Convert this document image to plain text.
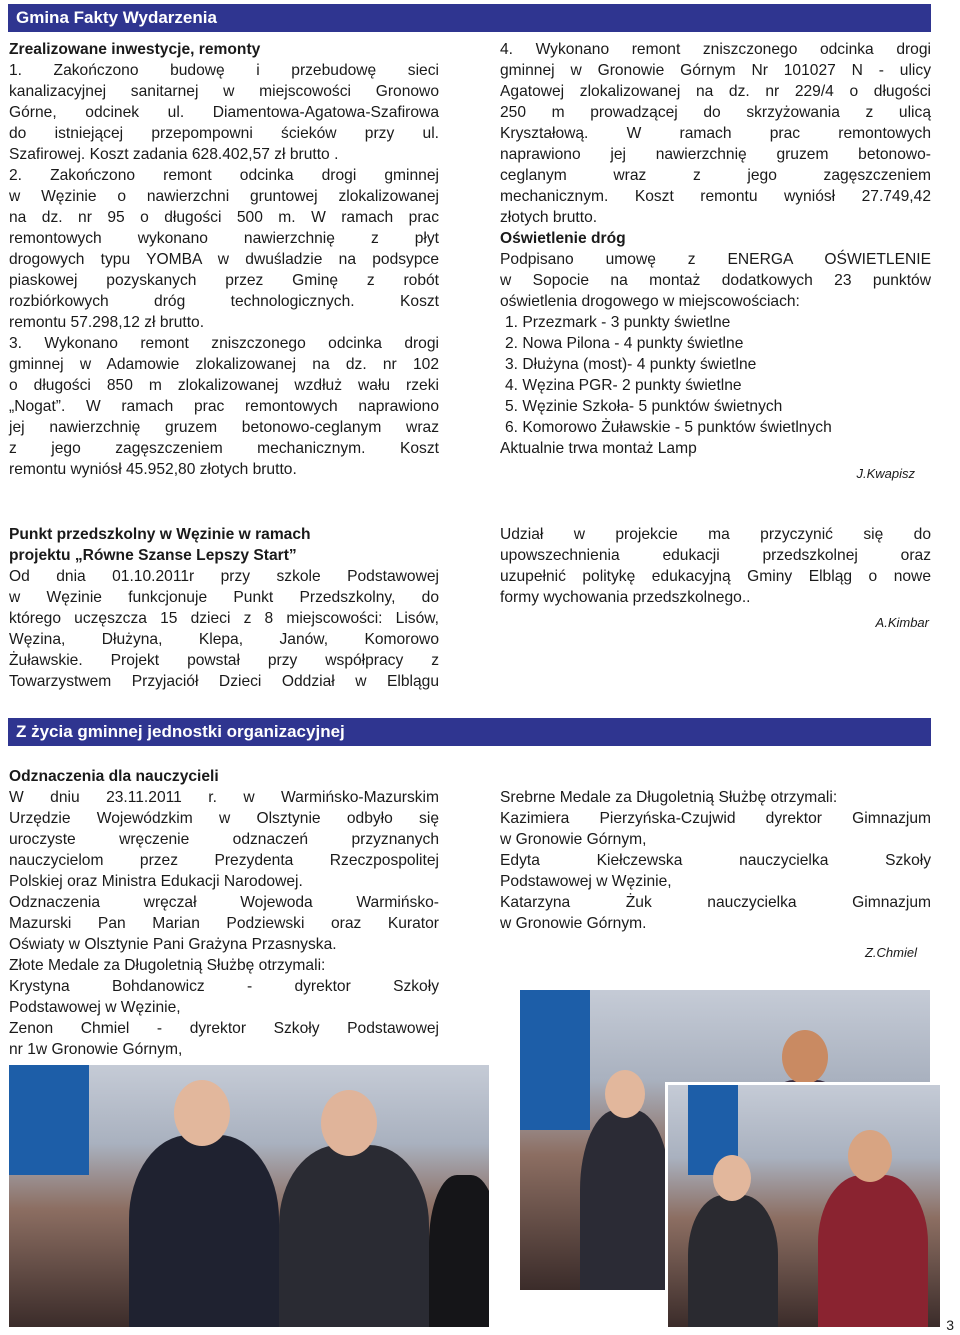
Gmina Fakty Wydarzenia

Zrealizowane inwestycje, remonty

1. Zakończono budowę i przebudowę sieci

kanalizacyjnej sanitarnej w miejscowości Gronowo

Górne, odcinek ul. Diamentowa-Agatowa-Szafirowa

do istniejącej przepompowni ścieków przy ul.

Szafirowej. Koszt zadania 628.402,57 zł brutto .

2. Zakończono remont odcinka drogi gminnej

w Węzinie o nawierzchni gruntowej zlokalizowanej

na dz. nr 95 o długości 500 m. W ramach prac

remontowych wykonano nawierzchnię z płyt

drogowych typu YOMBA w dwuśladzie na podsypce

piaskowej pozyskanych przez Gminę z robót

rozbiórkowych dróg technologicznych. Koszt

remontu 57.298,12 zł brutto.

3. Wykonano remont zniszczonego odcinka drogi

gminnej w Adamowie zlokalizowanej na dz. nr 102

o długości 850 m zlokalizowanej wzdłuż wału rzeki

„Nogat”. W ramach prac remontowych naprawiono

jej nawierzchnię gruzem betonowo-ceglanym wraz

z jego zagęszczeniem mechanicznym. Koszt

remontu wyniósł 45.952,80 złotych brutto.

4. Wykonano remont zniszczonego odcinka drogi

gminnej w Gronowie Górnym Nr 101027 N - ulicy

Agatowej zlokalizowanej na dz. nr 229/4 o długości

250 m prowadzącej do skrzyżowania z ulicą

Kryształową. W ramach prac remontowych

naprawiono jej nawierzchnię gruzem betonowo-

ceglanym wraz z jego zagęszczeniem

mechanicznym. Koszt remontu wyniósł 27.749,42

złotych brutto.

Oświetlenie dróg

Podpisano umowę z ENERGA OŚWIETLENIE

w Sopocie na montaż dodatkowych 23 punktów

oświetlenia drogowego w miejscowościach:

1. Przezmark - 3 punkty świetlne

2. Nowa Pilona - 4 punkty świetlne

3. Dłużyna (most)- 4 punkty świetlne

4. Węzina PGR- 2 punkty świetlne

5. Węzinie Szkoła- 5 punktów świetnych

6. Komorowo Żuławskie - 5 punktów świetlnych

Aktualnie trwa montaż Lamp

J.Kwapisz

Punkt przedszkolny w Węzinie w ramach

projektu „Równe Szanse Lepszy Start”

Od dnia 01.10.2011r przy szkole Podstawowej

w Węzinie funkcjonuje Punkt Przedszkolny, do

którego uczęszcza 15 dzieci z 8 miejscowości: Lisów,

Węzina, Dłużyna, Klepa, Janów, Komorowo

Żuławskie. Projekt powstał przy współpracy z

Towarzystwem Przyjaciół Dzieci Oddział w Elblągu

Udział w projekcie ma przyczynić się do

upowszechnienia edukacji przedszkolnej oraz

uzupełnić politykę edukacyjną Gminy Elbląg o nowe

formy wychowania przedszkolnego..

A.Kimbar

Z życia gminnej jednostki organizacyjnej

Odznaczenia dla nauczycieli

W dniu 23.11.2011 r. w Warmińsko-Mazurskim

Urzędzie Wojewódzkim w Olsztynie odbyło się

uroczyste wręczenie odznaczeń przyznanych

nauczycielom przez Prezydenta Rzeczpospolitej

Polskiej oraz Ministra Edukacji Narodowej.

Odznaczenia wręczał Wojewoda Warmińsko-

Mazurski Pan Marian Podziewski oraz Kurator

Oświaty w Olsztynie Pani Grażyna Przasnyska.

Złote Medale za Długoletnią Służbę otrzymali:

Krystyna Bohdanowicz - dyrektor Szkoły

Podstawowej w Węzinie,

Zenon Chmiel - dyrektor Szkoły Podstawowej

nr 1w Gronowie Górnym,

Srebrne Medale za Długoletnią Służbę otrzymali:

Kazimiera Pierzyńska-Czujwid dyrektor Gimnazjum

w Gronowie Górnym,

Edyta Kiełczewska nauczycielka Szkoły

Podstawowej w Węzinie,

Katarzyna Żuk nauczycielka Gimnazjum

w Gronowie Górnym.

Z.Chmiel

3
